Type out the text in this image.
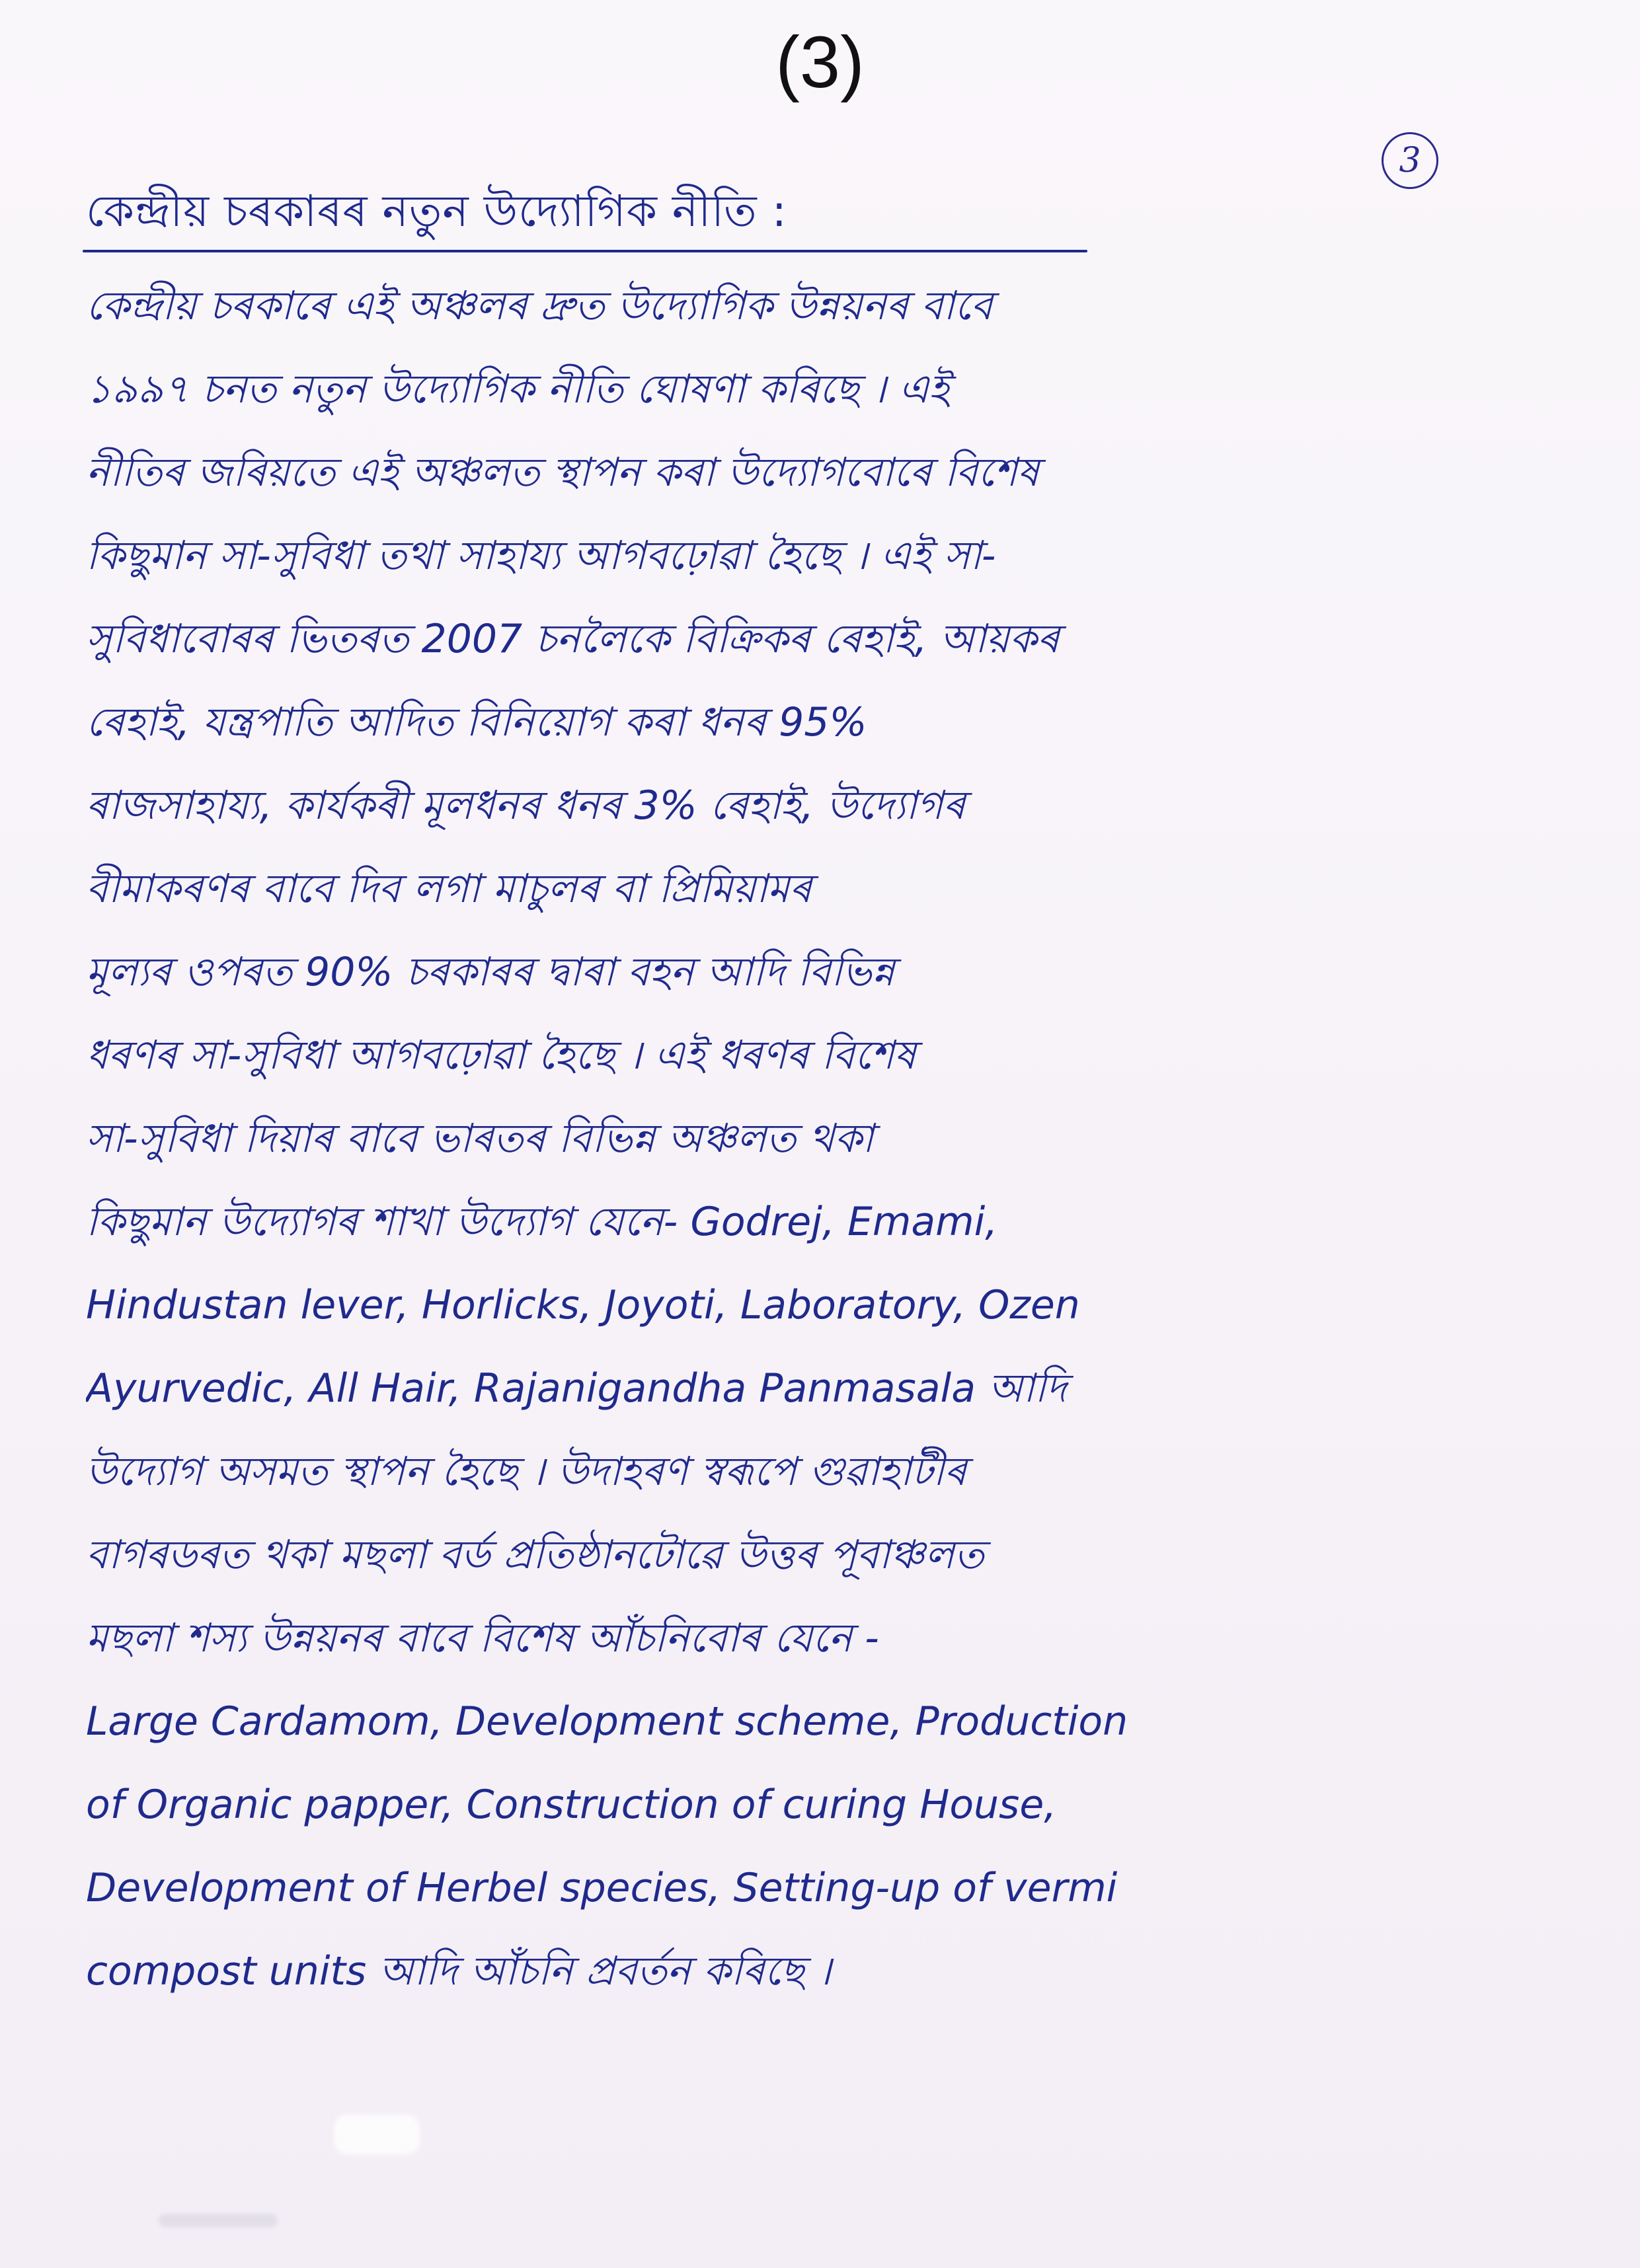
(3)
3
কেন্দ্ৰীয় চৰকাৰৰ নতুন উদ্যোগিক নীতি :
কেন্দ্ৰীয় চৰকাৰে এই অঞ্চলৰ দ্ৰুত উদ্যোগিক উন্নয়নৰ বাবে
১৯৯৭ চনত নতুন উদ্যোগিক নীতি ঘোষণা কৰিছে । এই
নীতিৰ জৰিয়তে এই অঞ্চলত স্থাপন কৰা উদ্যোগবোৰে বিশেষ
কিছুমান সা-সুবিধা তথা সাহায্য আগবঢ়োৱা হৈছে । এই সা-
সুবিধাবোৰৰ ভিতৰত 2007 চনলৈকে বিক্ৰিকৰ ৰেহাই, আয়কৰ
ৰেহাই, যন্ত্ৰপাতি আদিত বিনিয়োগ কৰা ধনৰ 95%
ৰাজসাহায্য, কাৰ্যকৰী মূলধনৰ ধনৰ 3% ৰেহাই, উদ্যোগৰ
বীমাকৰণৰ বাবে দিব লগা মাচুলৰ বা প্ৰিমিয়ামৰ
মূল্যৰ ওপৰত 90% চৰকাৰৰ দ্বাৰা বহন আদি বিভিন্ন
ধৰণৰ সা-সুবিধা আগবঢ়োৱা হৈছে । এই ধৰণৰ বিশেষ
সা-সুবিধা দিয়াৰ বাবে ভাৰতৰ বিভিন্ন অঞ্চলত থকা
কিছুমান উদ্যোগৰ শাখা উদ্যোগ যেনে- Godrej, Emami,
Hindustan lever, Horlicks, Joyoti, Laboratory, Ozen
Ayurvedic, All Hair, Rajanigandha Panmasala আদি
উদ্যোগ অসমত স্থাপন হৈছে । উদাহৰণ স্বৰূপে গুৱাহাটীৰ
বাগৰডৰত থকা মছলা বৰ্ড প্ৰতিষ্ঠানটোৱে উত্তৰ পূবাঞ্চলত
মছলা শস্য উন্নয়নৰ বাবে বিশেষ আঁচনিবোৰ যেনে -
Large Cardamom, Development scheme, Production
of Organic papper, Construction of curing House,
Development of Herbel species, Setting-up of vermi
compost units আদি আঁচনি প্ৰবৰ্তন কৰিছে ।
